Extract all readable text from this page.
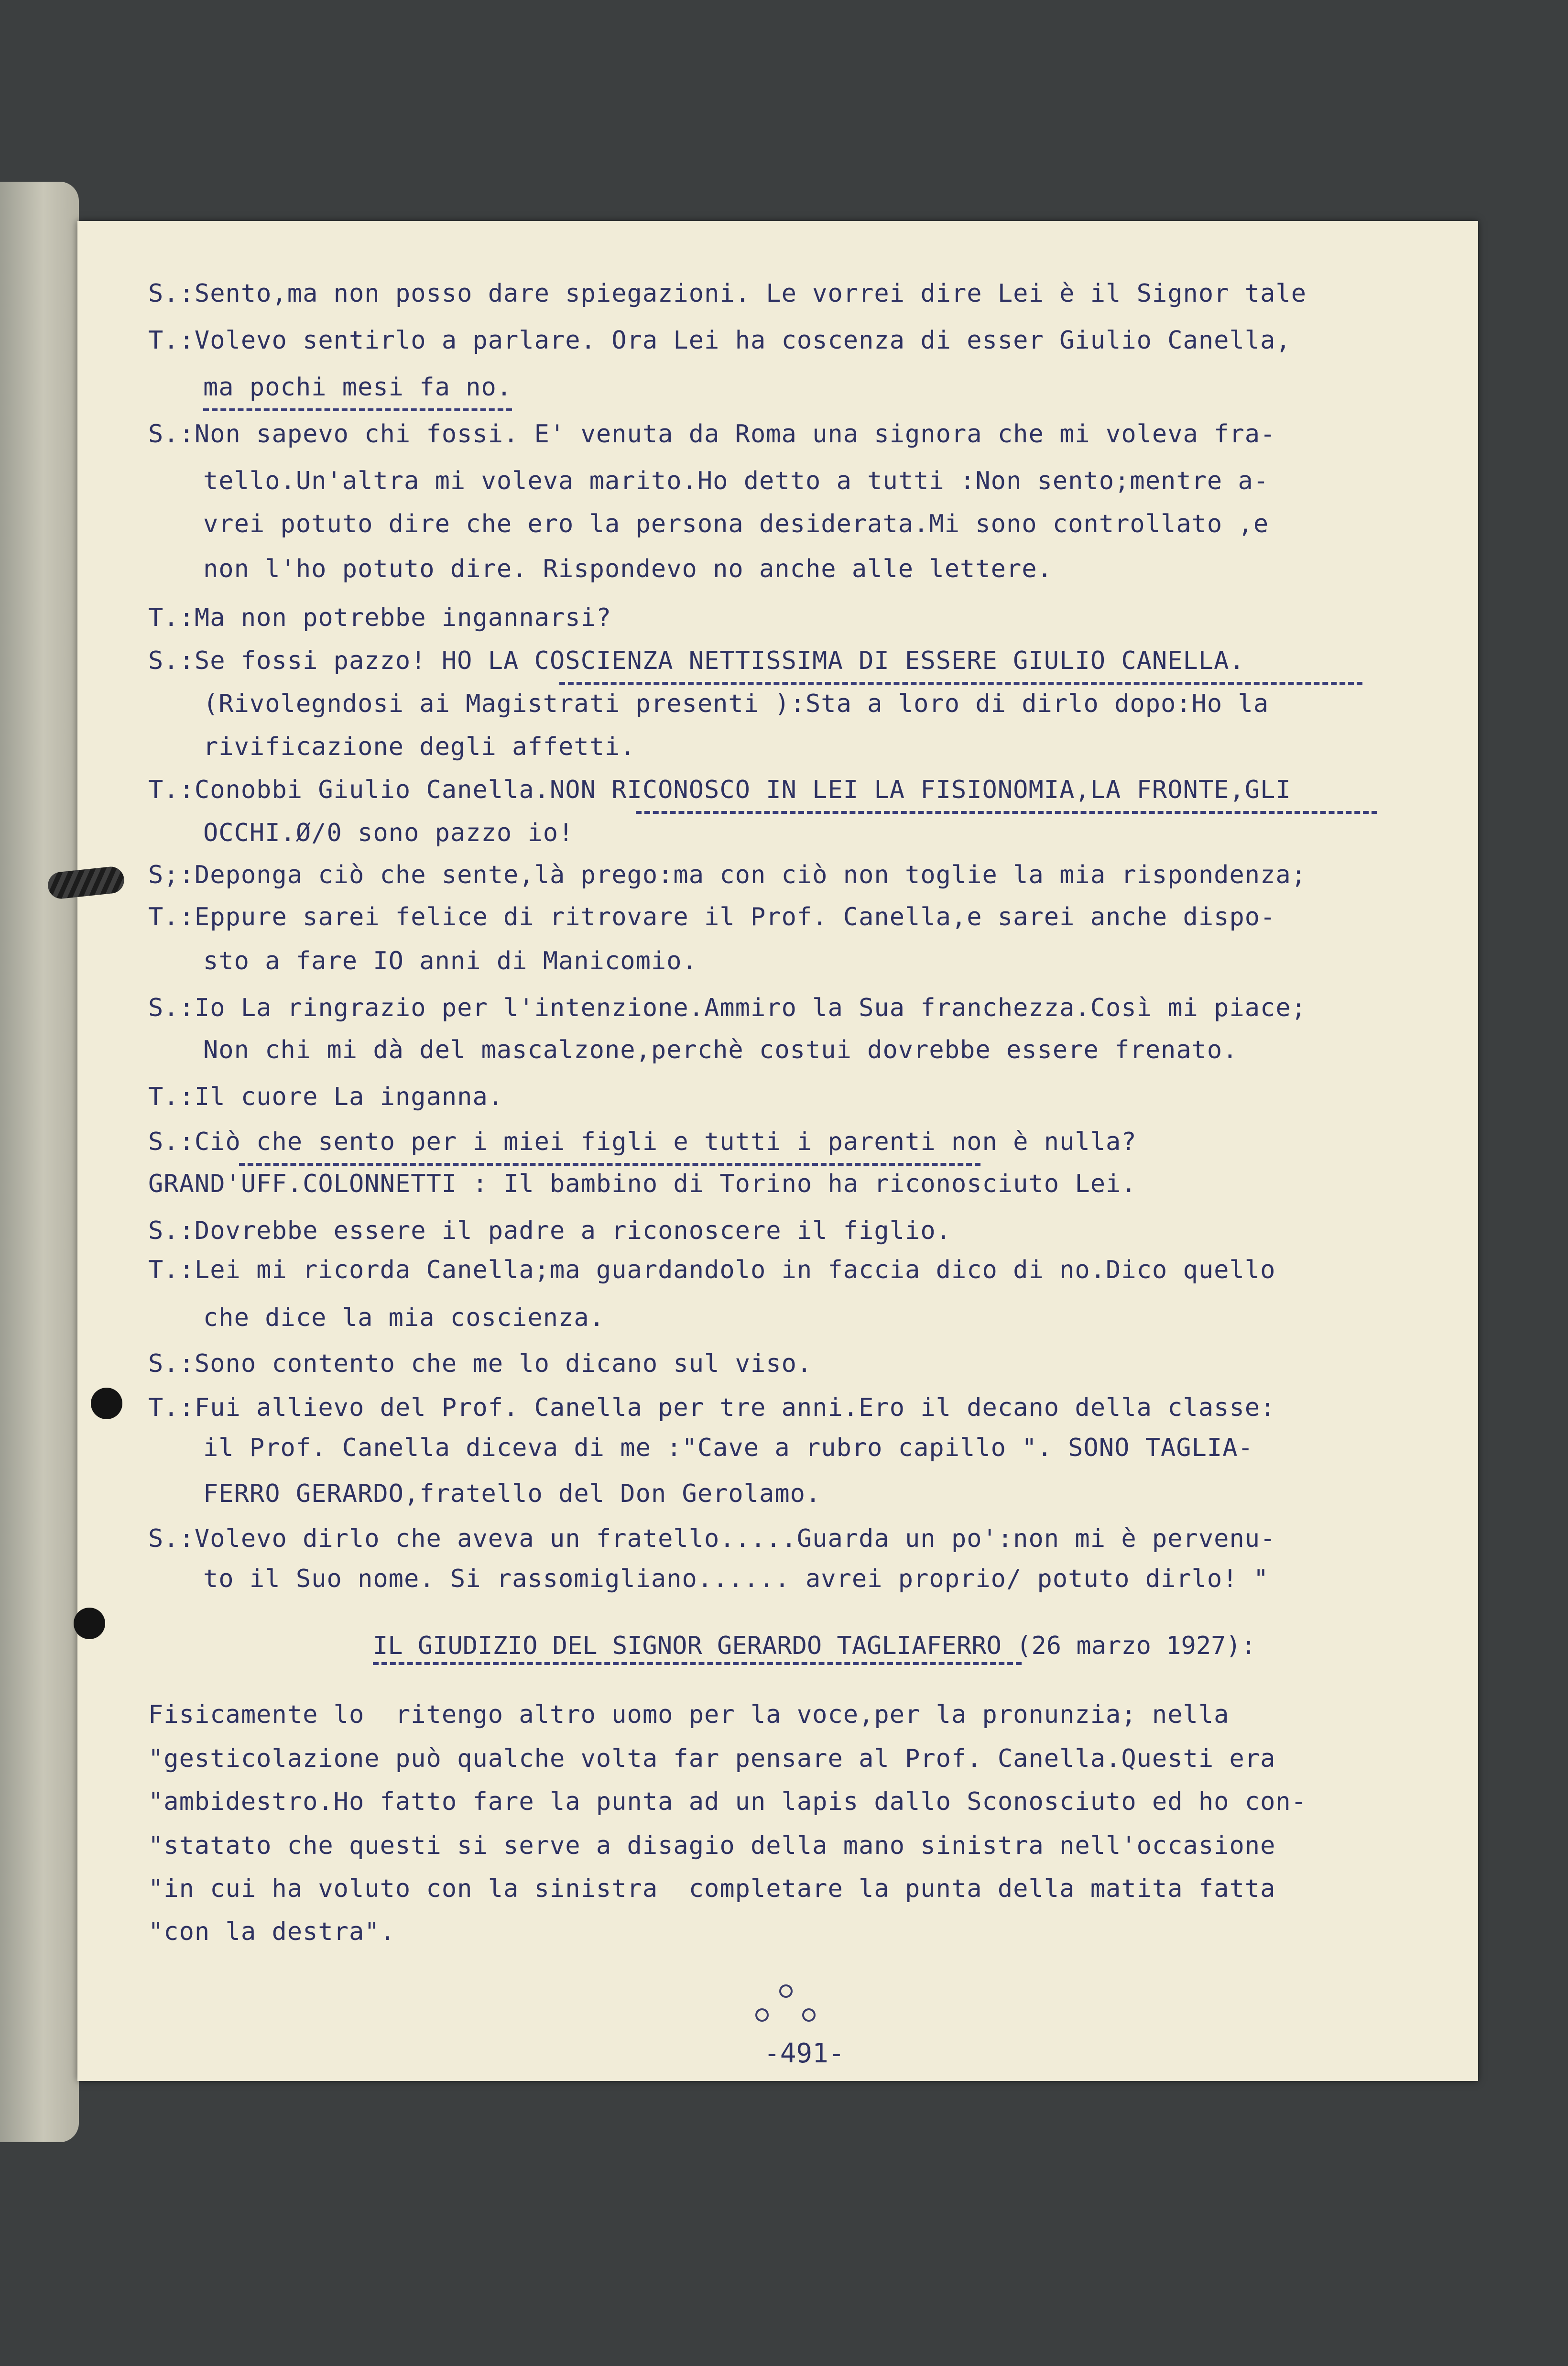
S.:Sento,ma non posso dare spiegazioni. Le vorrei dire Lei è il Signor tale
T.:Volevo sentirlo a parlare. Ora Lei ha coscenza di esser Giulio Canella,
ma pochi mesi fa no.
S.:Non sapevo chi fossi. E' venuta da Roma una signora che mi voleva fra-
tello.Un'altra mi voleva marito.Ho detto a tutti :Non sento;mentre a-
vrei potuto dire che ero la persona desiderata.Mi sono controllato ,e
non l'ho potuto dire. Rispondevo no anche alle lettere.
T.:Ma non potrebbe ingannarsi?
S.:Se fossi pazzo! HO LA COSCIENZA NETTISSIMA DI ESSERE GIULIO CANELLA.
(Rivolegndosi ai Magistrati presenti ):Sta a loro di dirlo dopo:Ho la
rivificazione degli affetti.
T.:Conobbi Giulio Canella.NON RICONOSCO IN LEI LA FISIONOMIA,LA FRONTE,GLI
OCCHI.Ø/0 sono pazzo io!
S;:Deponga ciò che sente,là prego:ma con ciò non toglie la mia rispondenza;
T.:Eppure sarei felice di ritrovare il Prof. Canella,e sarei anche dispo-
sto a fare IO anni di Manicomio.
S.:Io La ringrazio per l'intenzione.Ammiro la Sua franchezza.Così mi piace;
Non chi mi dà del mascalzone,perchè costui dovrebbe essere frenato.
T.:Il cuore La inganna.
S.:Ciò che sento per i miei figli e tutti i parenti non è nulla?
GRAND'UFF.COLONNETTI : Il bambino di Torino ha riconosciuto Lei.
S.:Dovrebbe essere il padre a riconoscere il figlio.
T.:Lei mi ricorda Canella;ma guardandolo in faccia dico di no.Dico quello
che dice la mia coscienza.
S.:Sono contento che me lo dicano sul viso.
T.:Fui allievo del Prof. Canella per tre anni.Ero il decano della classe:
il Prof. Canella diceva di me :"Cave a rubro capillo ". SONO TAGLIA-
FERRO GERARDO,fratello del Don Gerolamo.
S.:Volevo dirlo che aveva un fratello.....Guarda un po':non mi è pervenu-
to il Suo nome. Si rassomigliano...... avrei proprio/ potuto dirlo! "
IL GIUDIZIO DEL SIGNOR GERARDO TAGLIAFERRO (26 marzo 1927):
Fisicamente lo  ritengo altro uomo per la voce,per la pronunzia; nella
"gesticolazione può qualche volta far pensare al Prof. Canella.Questi era
"ambidestro.Ho fatto fare la punta ad un lapis dallo Sconosciuto ed ho con-
"statato che questi si serve a disagio della mano sinistra nell'occasione
"in cui ha voluto con la sinistra  completare la punta della matita fatta
"con la destra".
-491-
